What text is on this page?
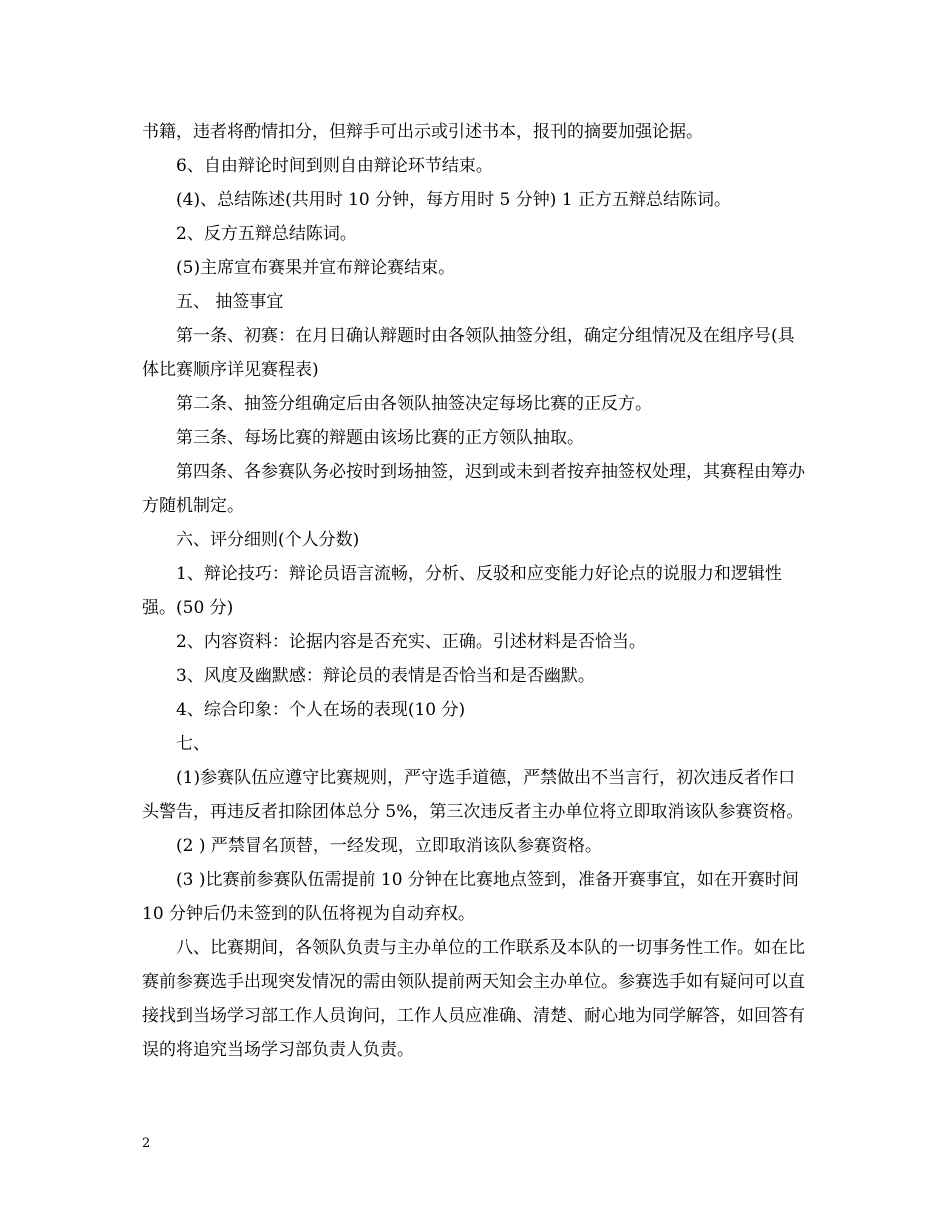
书籍，违者将酌情扣分，但辩手可出示或引述书本，报刊的摘要加强论据。

6、自由辩论时间到则自由辩论环节结束。

(4)、总结陈述(共用时 10 分钟，每方用时 5 分钟) 1 正方五辩总结陈词。

2、反方五辩总结陈词。

(5)主席宣布赛果并宣布辩论赛结束。

五、 抽签事宜

第一条、初赛：在月日确认辩题时由各领队抽签分组，确定分组情况及在组序号(具体比赛顺序详见赛程表)

第二条、抽签分组确定后由各领队抽签决定每场比赛的正反方。

第三条、每场比赛的辩题由该场比赛的正方领队抽取。

第四条、各参赛队务必按时到场抽签，迟到或未到者按弃抽签权处理，其赛程由筹办方随机制定。

六、评分细则(个人分数)

1、辩论技巧：辩论员语言流畅，分析、反驳和应变能力好论点的说服力和逻辑性强。(50 分)

2、内容资料：论据内容是否充实、正确。引述材料是否恰当。

3、风度及幽默感：辩论员的表情是否恰当和是否幽默。

4、综合印象：个人在场的表现(10 分)

七、

(1)参赛队伍应遵守比赛规则，严守选手道德，严禁做出不当言行，初次违反者作口头警告，再违反者扣除团体总分 5%，第三次违反者主办单位将立即取消该队参赛资格。

(2 ) 严禁冒名顶替，一经发现，立即取消该队参赛资格。

(3 )比赛前参赛队伍需提前 10 分钟在比赛地点签到，准备开赛事宜，如在开赛时间 10 分钟后仍未签到的队伍将视为自动弃权。

八、比赛期间，各领队负责与主办单位的工作联系及本队的一切事务性工作。如在比赛前参赛选手出现突发情况的需由领队提前两天知会主办单位。参赛选手如有疑问可以直接找到当场学习部工作人员询问，工作人员应准确、清楚、耐心地为同学解答，如回答有误的将追究当场学习部负责人负责。

2
